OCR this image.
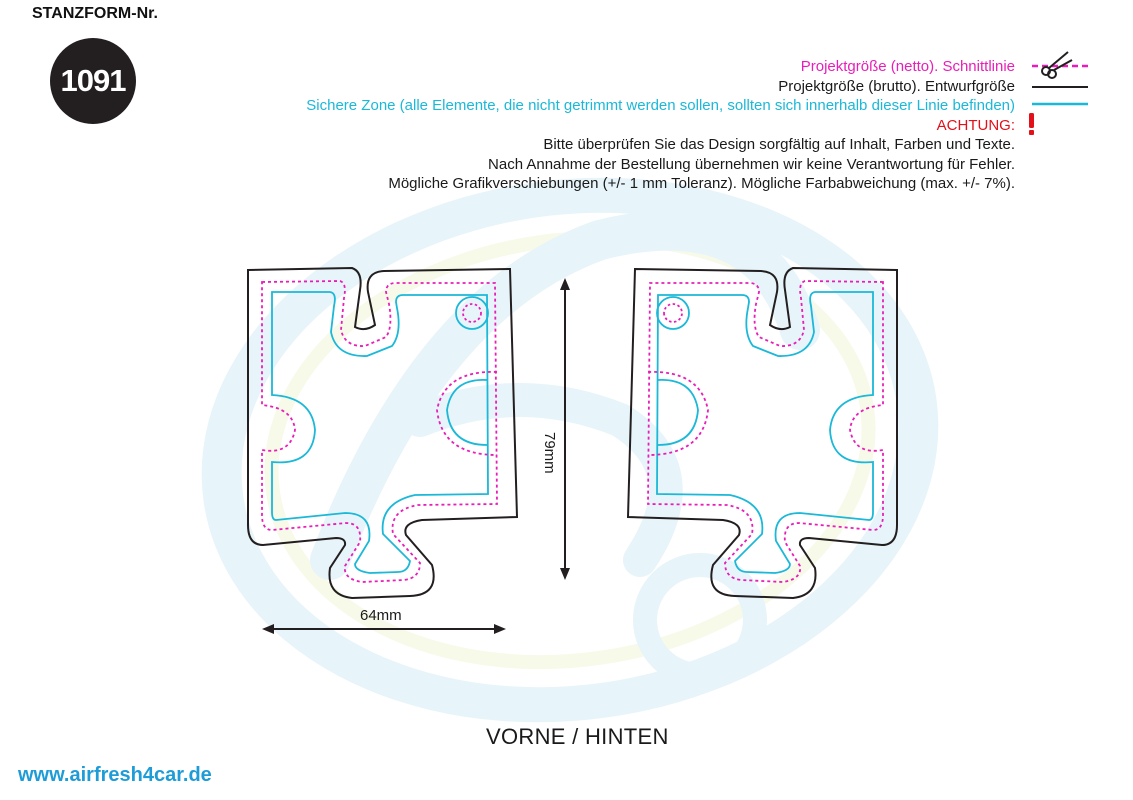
STANZFORM-Nr.
1091	Projektgröße (netto). Schnittlinie
Projektgröße (brutto). Entwurfgröße
Sichere Zone (alle Elemente, die nicht getrimmt werden sollen, sollten sich innerhalb dieser Linie befinden)
ACHTUNG:
Bitte überprüfen Sie das Design sorgfältig auf Inhalt, Farben und Texte.
Nach Annahme der Bestellung übernehmen wir keine Verantwortung für Fehler.
Mögliche Grafikverschiebungen (+/- 1 mm Toleranz). Mögliche Farbabweichung (max. +/- 7%).
64mm
79mm
VORNE / HINTEN
www.airfresh4car.de
